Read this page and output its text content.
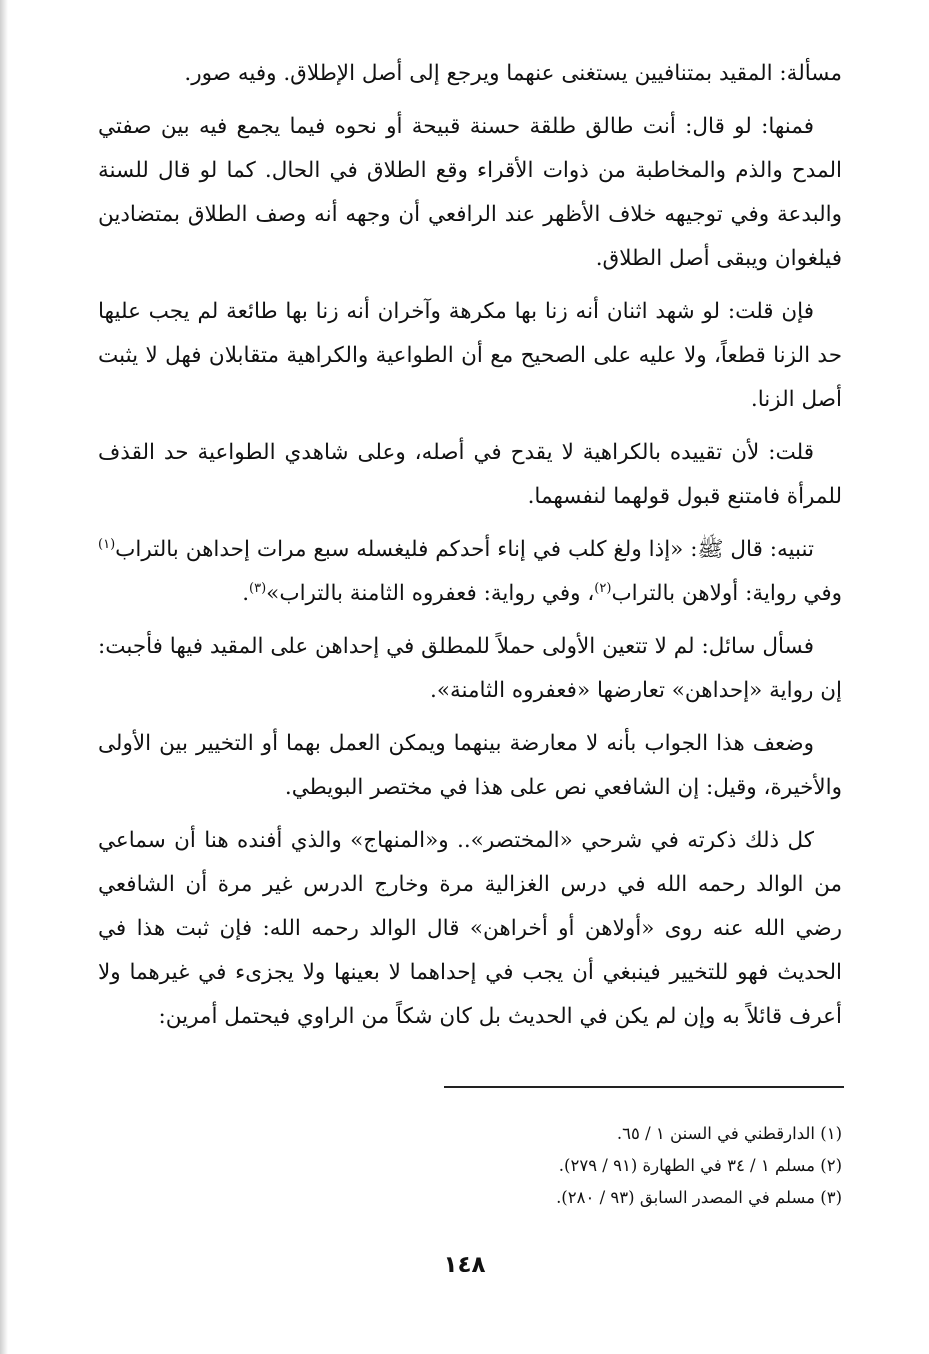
مسألة: المقيد بمتنافيين يستغنى عنهما ويرجع إلى أصل الإطلاق. وفيه صور.

فمنها: لو قال: أنت طالق طلقة حسنة قبيحة أو نحوه فيما يجمع فيه بين صفتي المدح والذم والمخاطبة من ذوات الأقراء وقع الطلاق في الحال. كما لو قال للسنة والبدعة وفي توجيهه خلاف الأظهر عند الرافعي أن وجهه أنه وصف الطلاق بمتضادين فيلغوان ويبقى أصل الطلاق.

فإن قلت: لو شهد اثنان أنه زنا بها مكرهة وآخران أنه زنا بها طائعة لم يجب عليها حد الزنا قطعاً، ولا عليه على الصحيح مع أن الطواعية والكراهية متقابلان فهل لا يثبت أصل الزنا.

قلت: لأن تقييده بالكراهية لا يقدح في أصله، وعلى شاهدي الطواعية حد القذف للمرأة فامتنع قبول قولهما لنفسهما.

تنبيه: قال ﷺ: «إذا ولغ كلب في إناء أحدكم فليغسله سبع مرات إحداهن بالتراب$^{(١)}$ وفي رواية: أولاهن بالتراب$^{(٢)}$، وفي رواية: فعفروه الثامنة بالتراب»$^{(٣)}$.

فسأل سائل: لم لا تتعين الأولى حملاً للمطلق في إحداهن على المقيد فيها فأجبت: إن رواية «إحداهن» تعارضها «فعفروه الثامنة».

وضعف هذا الجواب بأنه لا معارضة بينهما ويمكن العمل بهما أو التخيير بين الأولى والأخيرة، وقيل: إن الشافعي نص على هذا في مختصر البويطي.

كل ذلك ذكرته في شرحي «المختصر».. و«المنهاج» والذي أفنده هنا أن سماعي من الوالد رحمه الله في درس الغزالية مرة وخارج الدرس غير مرة أن الشافعي رضي الله عنه روى «أولاهن أو أخراهن» قال الوالد رحمه الله: فإن ثبت هذا في الحديث فهو للتخيير فينبغي أن يجب في إحداهما لا بعينها ولا يجزىء في غيرهما ولا أعرف قائلاً به وإن لم يكن في الحديث بل كان شكاً من الراوي فيحتمل أمرين:

(١) الدارقطني في السنن ١ / ٦٥.

(٢) مسلم ١ / ٣٤ في الطهارة (٩١ / ٢٧٩).

(٣) مسلم في المصدر السابق (٩٣ / ٢٨٠).

١٤٨
